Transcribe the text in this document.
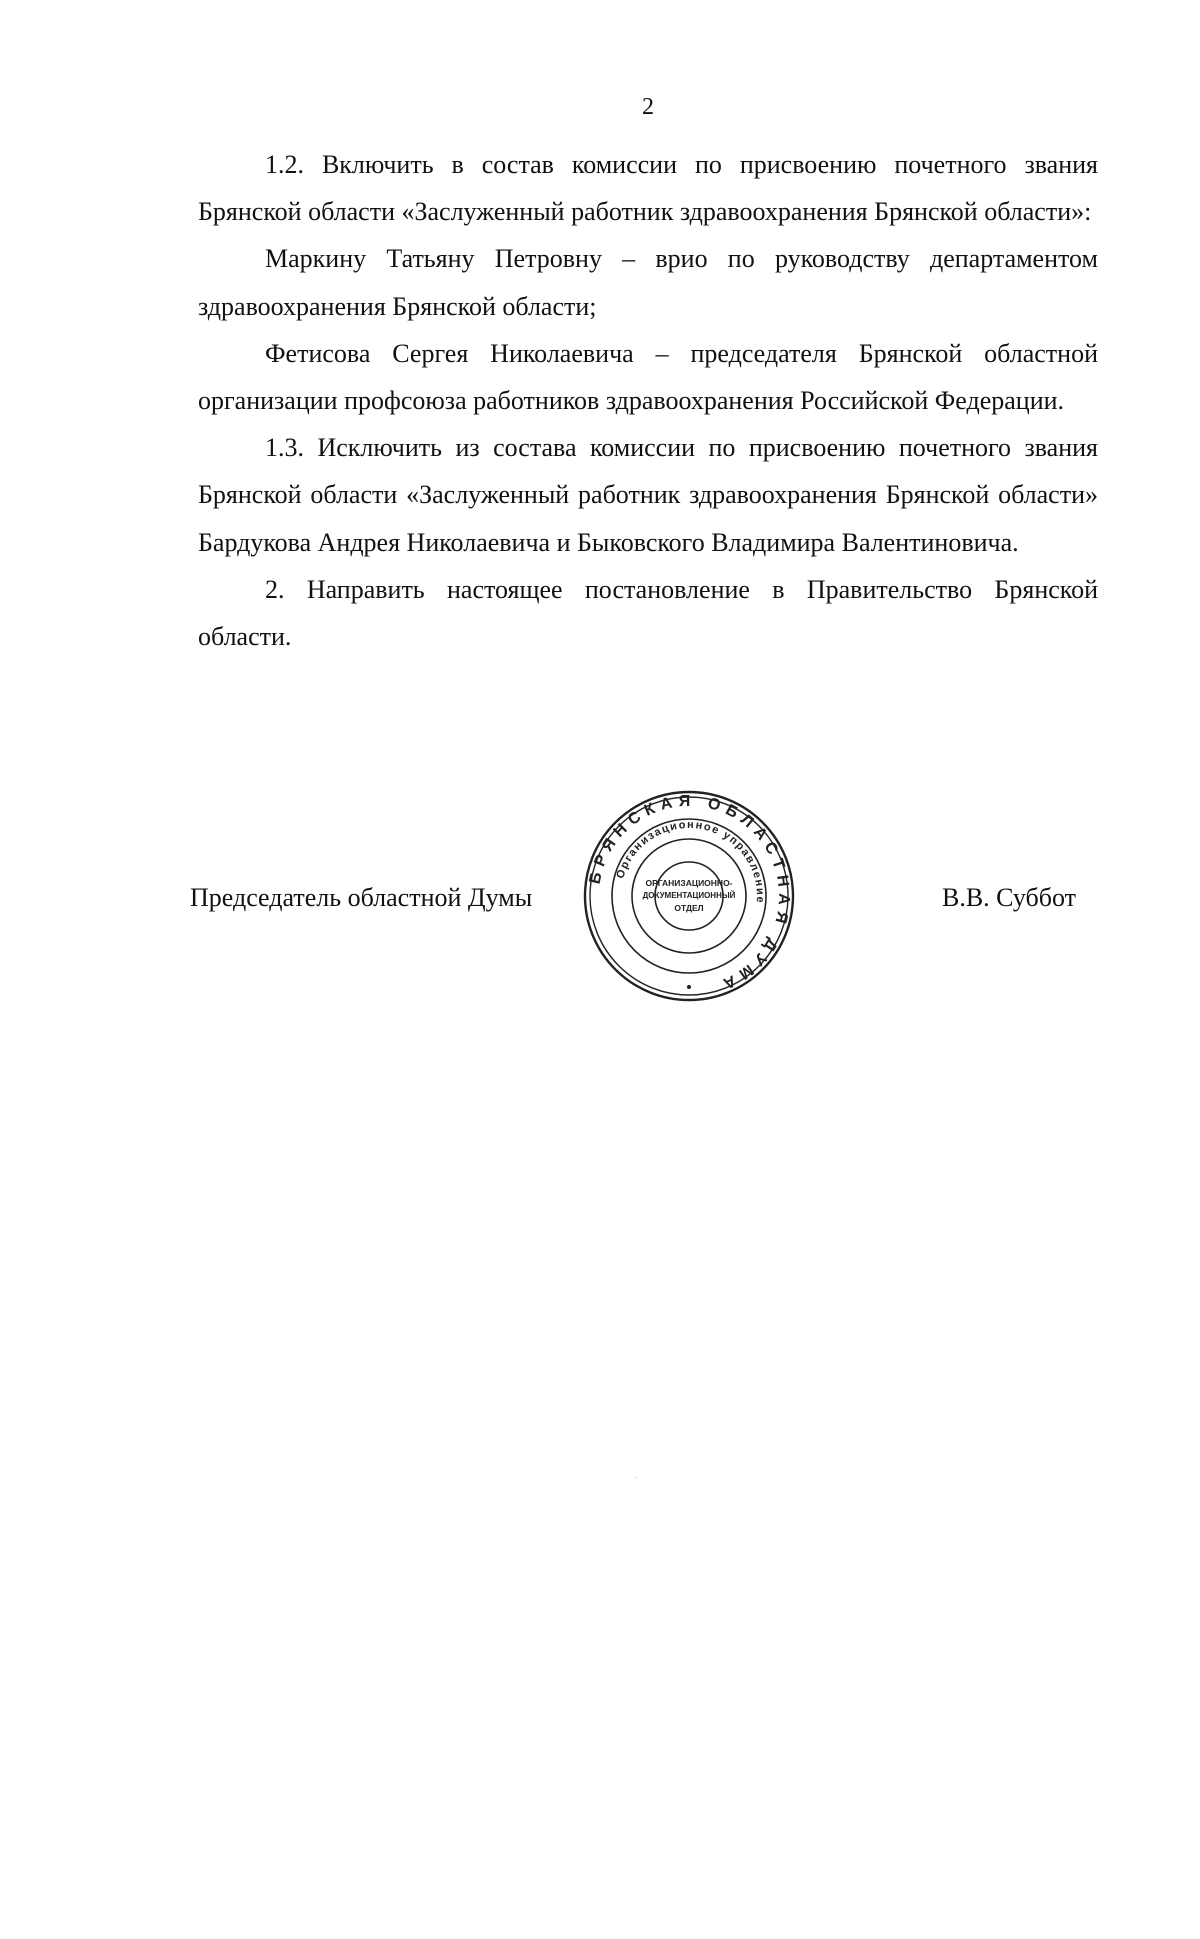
2

1.2. Включить в состав комиссии по присвоению почетного звания Брянской области «Заслуженный работник здравоохранения Брянской области»:

Маркину Татьяну Петровну – врио по руководству департаментом здравоохранения Брянской области;

Фетисова Сергея Николаевича – председателя Брянской областной организации профсоюза работников здравоохранения Российской Федерации.

1.3. Исключить из состава комиссии по присвоению почетного звания Брянской области «Заслуженный работник здравоохранения Брянской области» Бардукова Андрея Николаевича и Быковского Владимира Валентиновича.

2. Направить настоящее постановление в Правительство Брянской области.

Председатель областной Думы
БРЯНСКАЯ ОБЛАСТНАЯ ДУМА
Организационное управление
ОРГАНИЗАЦИОННО-
ДОКУМЕНТАЦИОННЫЙ
ОТДЕЛ	В.В. Суббот
